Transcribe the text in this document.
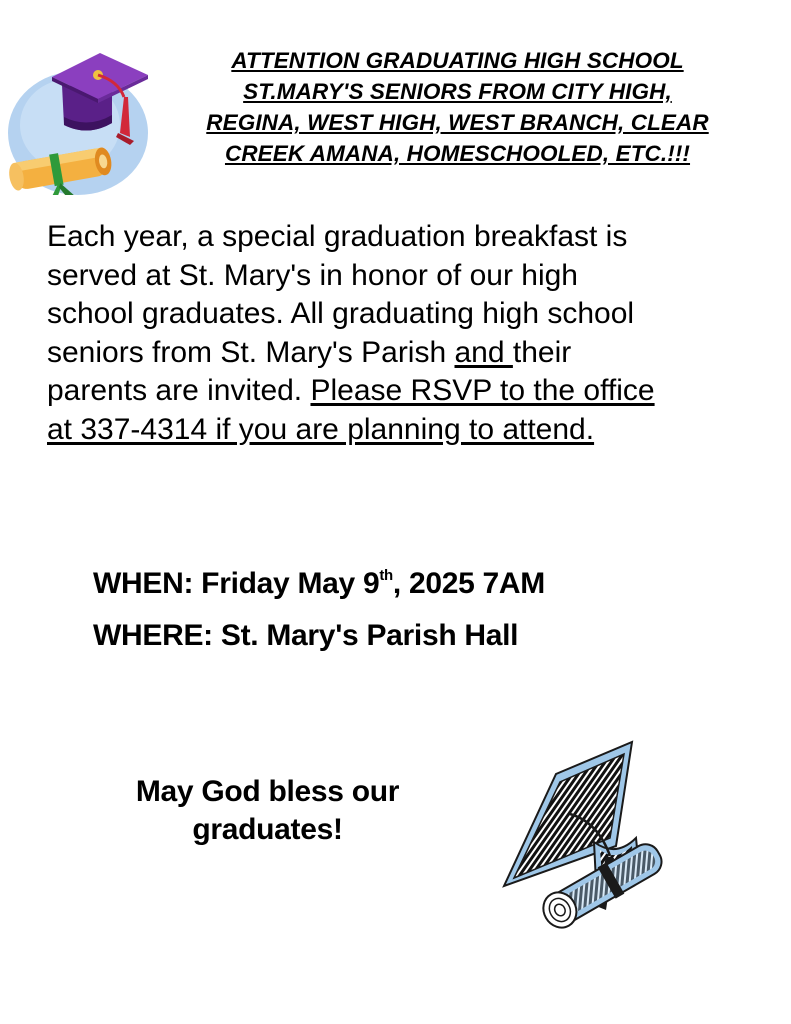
ATTENTION GRADUATING HIGH SCHOOL
ST.MARY'S SENIORS FROM CITY HIGH,
REGINA, WEST HIGH, WEST BRANCH, CLEAR
CREEK AMANA, HOMESCHOOLED, ETC.!!!

Each year, a special graduation breakfast is

served at St. Mary's in honor of our high

school graduates. All graduating high school

seniors from St. Mary's Parish and their

parents are invited. Please RSVP to the office

at 337-4314 if you are planning to attend.

WHEN: Friday May 9th, 2025 7AM
WHERE: St. Mary's Parish Hall
May God bless our
graduates!
